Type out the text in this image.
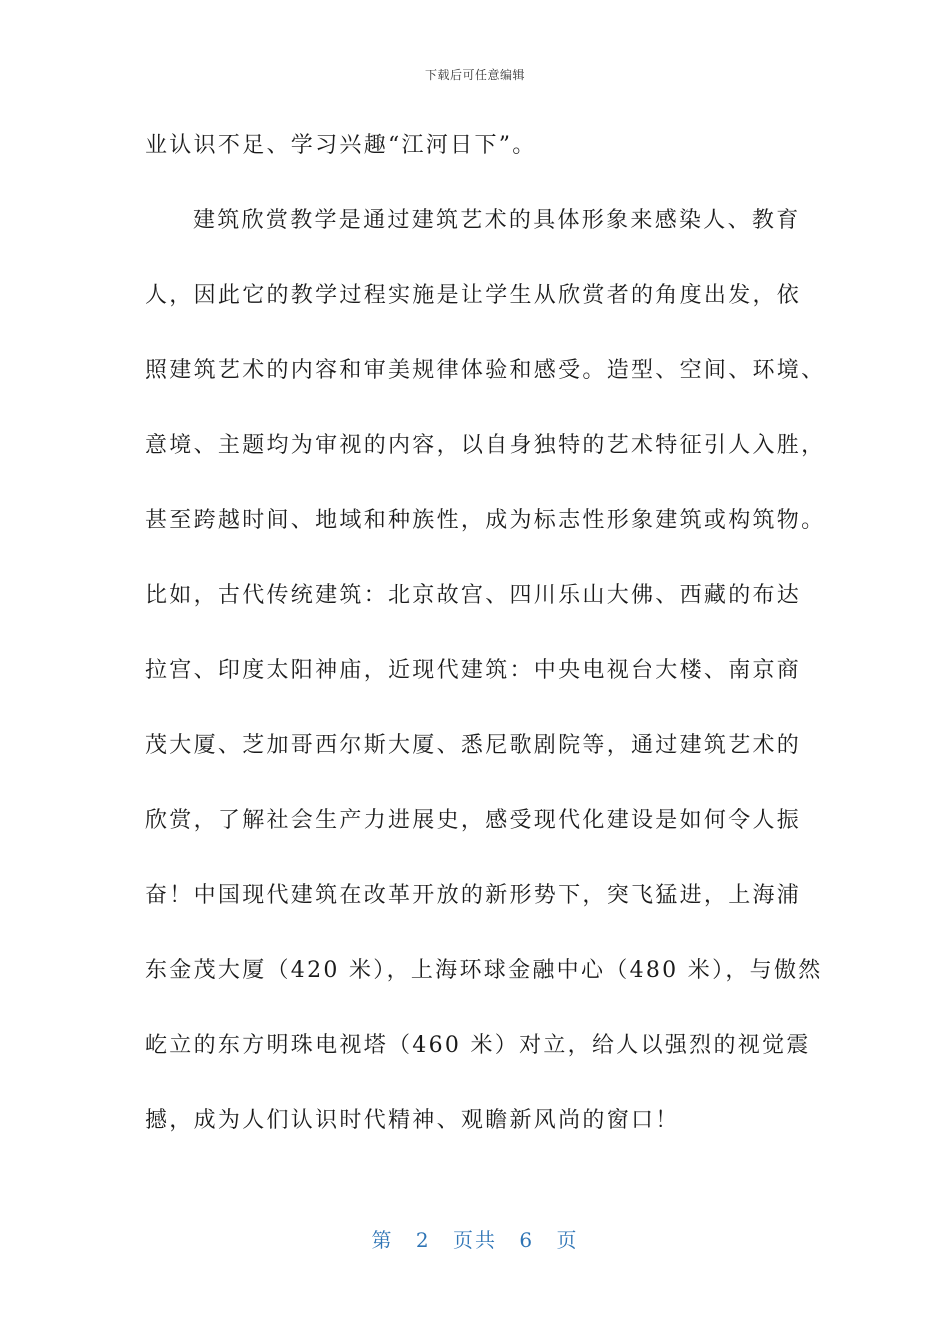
下载后可任意编辑
业认识不足、学习兴趣“江河日下”。
建筑欣赏教学是通过建筑艺术的具体形象来感染人、教育
人，因此它的教学过程实施是让学生从欣赏者的角度出发，依
照建筑艺术的内容和审美规律体验和感受。造型、空间、环境、
意境、主题均为审视的内容，以自身独特的艺术特征引人入胜，
甚至跨越时间、地域和种族性，成为标志性形象建筑或构筑物。
比如，古代传统建筑：北京故宫、四川乐山大佛、西藏的布达
拉宫、印度太阳神庙，近现代建筑：中央电视台大楼、南京商
茂大厦、芝加哥西尔斯大厦、悉尼歌剧院等，通过建筑艺术的
欣赏，了解社会生产力进展史，感受现代化建设是如何令人振
奋！中国现代建筑在改革开放的新形势下，突飞猛进，上海浦
东金茂大厦（420 米），上海环球金融中心（480 米），与傲然
屹立的东方明珠电视塔（460 米）对立，给人以强烈的视觉震
撼，成为人们认识时代精神、观瞻新风尚的窗口！
第 2 页共 6 页
